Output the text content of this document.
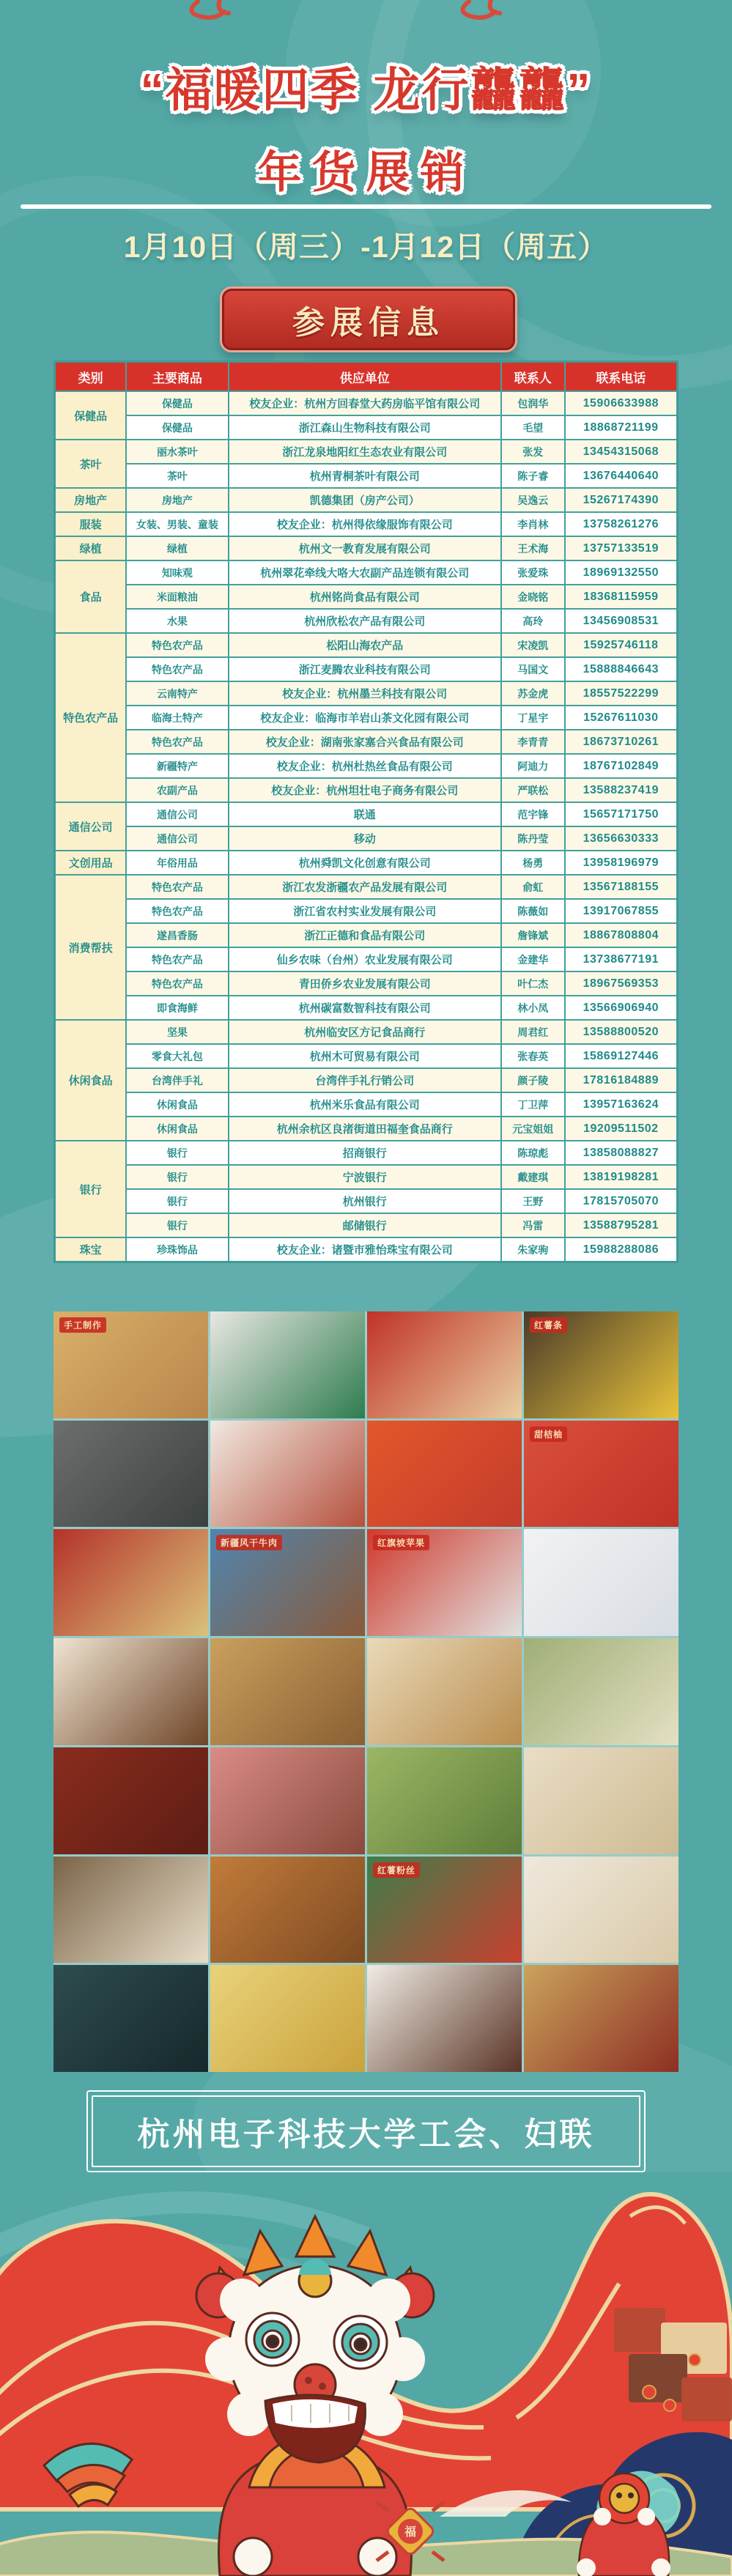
“福暖四季 龙行龘龘”
年货展销
1月10日（周三）-1月12日（周五）
参展信息
类别	主要商品	供应单位	联系人	联系电话
保健品	保健品	校友企业：杭州方回春堂大药房临平馆有限公司	包润华	15906633988
	保健品	浙江森山生物科技有限公司	毛望	18868721199
茶叶	丽水茶叶	浙江龙泉地阳红生态农业有限公司	张发	13454315068
	茶叶	杭州青桐茶叶有限公司	陈子睿	13676440640
房地产	房地产	凯德集团（房产公司）	吴逸云	15267174390
服装	女装、男装、童装	校友企业：杭州得依缘服饰有限公司	李肖林	13758261276
绿植	绿植	杭州文一教育发展有限公司	王术海	13757133519
食品	知味观	杭州翠花牵线大咯大农副产品连锁有限公司	张爱珠	18969132550
	米面粮油	杭州铭尚食品有限公司	金晓铭	18368115959
	水果	杭州欣松农产品有限公司	高玲	13456908531
特色农产品	特色农产品	松阳山海农产品	宋凌凯	15925746118
	特色农产品	浙江麦腾农业科技有限公司	马国文	15888846643
	云南特产	校友企业：杭州墨兰科技有限公司	苏金虎	18557522299
	临海土特产	校友企业：临海市羊岩山茶文化园有限公司	丁星宇	15267611030
	特色农产品	校友企业：湖南张家塞合兴食品有限公司	李青青	18673710261
	新疆特产	校友企业：杭州杜热丝食品有限公司	阿迪力	18767102849
	农副产品	校友企业：杭州坦壮电子商务有限公司	严联松	13588237419
通信公司	通信公司	联通	范宇锋	15657171750
	通信公司	移动	陈丹莹	13656630333
文创用品	年俗用品	杭州舜凯文化创意有限公司	杨勇	13958196979
消费帮扶	特色农产品	浙江农发浙疆农产品发展有限公司	俞虹	13567188155
	特色农产品	浙江省农村实业发展有限公司	陈薇如	13917067855
	遂昌香肠	浙江正德和食品有限公司	詹锋斌	18867808804
	特色农产品	仙乡农味（台州）农业发展有限公司	金建华	13738677191
	特色农产品	青田侨乡农业发展有限公司	叶仁杰	18967569353
	即食海鲜	杭州碳富数智科技有限公司	林小凤	13566906940
休闲食品	坚果	杭州临安区方记食品商行	周君红	13588800520
	零食大礼包	杭州木可贸易有限公司	张春英	15869127446
	台湾伴手礼	台湾伴手礼行销公司	颜子陵	17816184889
	休闲食品	杭州米乐食品有限公司	丁卫萍	13957163624
	休闲食品	杭州余杭区良渚街道田福奎食品商行	元宝姐姐	19209511502
银行	银行	招商银行	陈琼彪	13858088827
	银行	宁波银行	戴建琪	13819198281
	银行	杭州银行	王野	17815705070
	银行	邮储银行	冯雷	13588795281
珠宝	珍珠饰品	校友企业：诸暨市雅怡珠宝有限公司	朱家驹	15988288086
手工制作	红薯条
甜桔柚
新疆风干牛肉	红旗坡苹果
红薯粉丝
杭州电子科技大学工会、妇联
福
